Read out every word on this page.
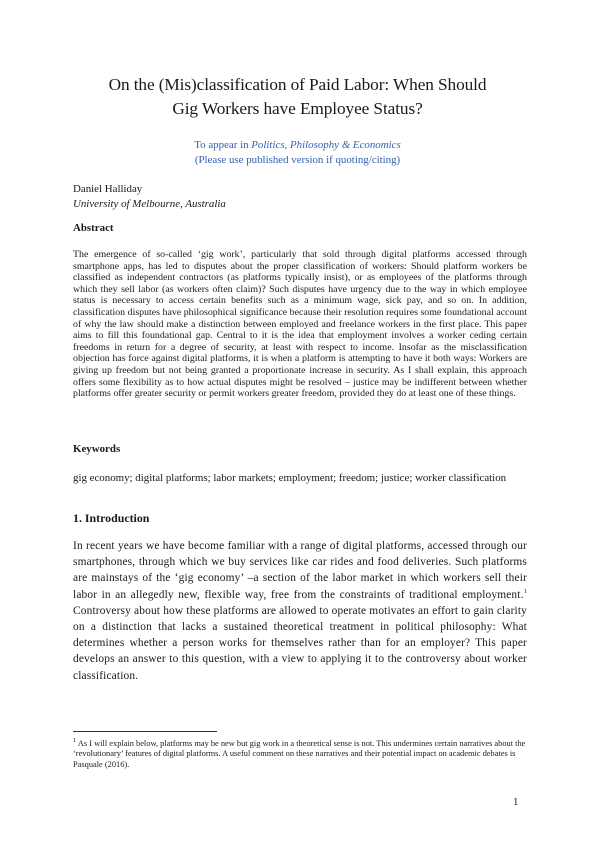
On the (Mis)classification of Paid Labor: When Should
Gig Workers have Employee Status?
To appear in Politics, Philosophy & Economics
(Please use published version if quoting/citing)
Daniel Halliday
University of Melbourne, Australia
Abstract
The emergence of so-called ‘gig work’, particularly that sold through digital platforms accessed through smartphone apps, has led to disputes about the proper classification of workers: Should platform workers be classified as independent contractors (as platforms typically insist), or as employees of the platforms through which they sell labor (as workers often claim)? Such disputes have urgency due to the way in which employee status is necessary to access certain benefits such as a minimum wage, sick pay, and so on. In addition, classification disputes have philosophical significance because their resolution requires some foundational account of why the law should make a distinction between employed and freelance workers in the first place. This paper aims to fill this foundational gap. Central to it is the idea that employment involves a worker ceding certain freedoms in return for a degree of security, at least with respect to income. Insofar as the misclassification objection has force against digital platforms, it is when a platform is attempting to have it both ways: Workers are giving up freedom but not being granted a proportionate increase in security. As I shall explain, this approach offers some flexibility as to how actual disputes might be resolved – justice may be indifferent between whether platforms offer greater security or permit workers greater freedom, provided they do at least one of these things.
Keywords
gig economy; digital platforms; labor markets; employment; freedom; justice; worker classification
1. Introduction
In recent years we have become familiar with a range of digital platforms, accessed through our smartphones, through which we buy services like car rides and food deliveries. Such platforms are mainstays of the ‘gig economy’ –a section of the labor market in which workers sell their labor in an allegedly new, flexible way, free from the constraints of traditional employment.$^1$ Controversy about how these platforms are allowed to operate motivates an effort to gain clarity on a distinction that lacks a sustained theoretical treatment in political philosophy: What determines whether a person works for themselves rather than for an employer? This paper develops an answer to this question, with a view to applying it to the controversy about worker classification.
$^1$ As I will explain below, platforms may be new but gig work in a theoretical sense is not. This undermines certain narratives about the ‘revolutionary’ features of digital platforms. A useful comment on these narratives and their potential impact on academic debates is Pasquale (2016).
1
